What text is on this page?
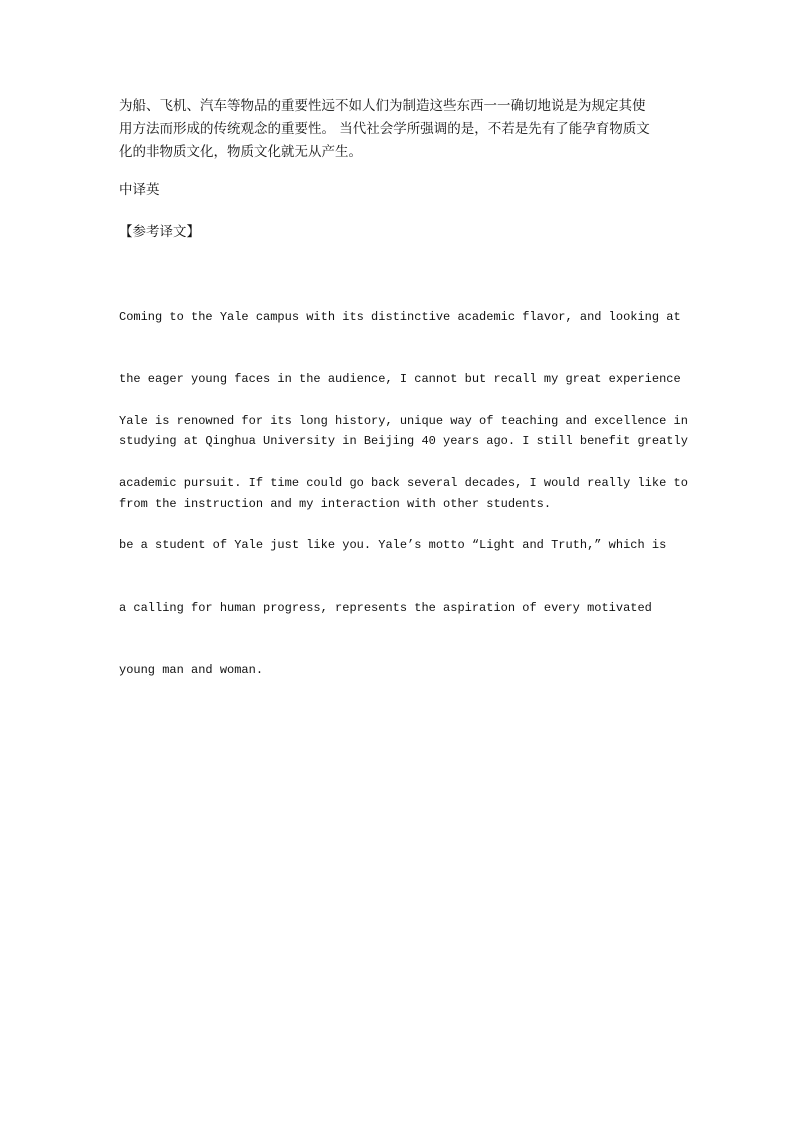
为船、飞机、汽车等物品的重要性远不如人们为制造这些东西一一确切地说是为规定其使
用方法而形成的传统观念的重要性。 当代社会学所强调的是，不若是先有了能孕育物质文
化的非物质文化，物质文化就无从产生。
中译英
【参考译文】

Coming to the Yale campus with its distinctive academic flavor, and looking at

the eager young faces in the audience, I cannot but recall my great experience

studying at Qinghua University in Beijing 40 years ago. I still benefit greatly

from the instruction and my interaction with other students.

Yale is renowned for its long history, unique way of teaching and excellence in

academic pursuit. If time could go back several decades, I would really like to

be a student of Yale just like you. Yale’s motto “Light and Truth,” which is

a calling for human progress, represents the aspiration of every motivated

young man and woman.
